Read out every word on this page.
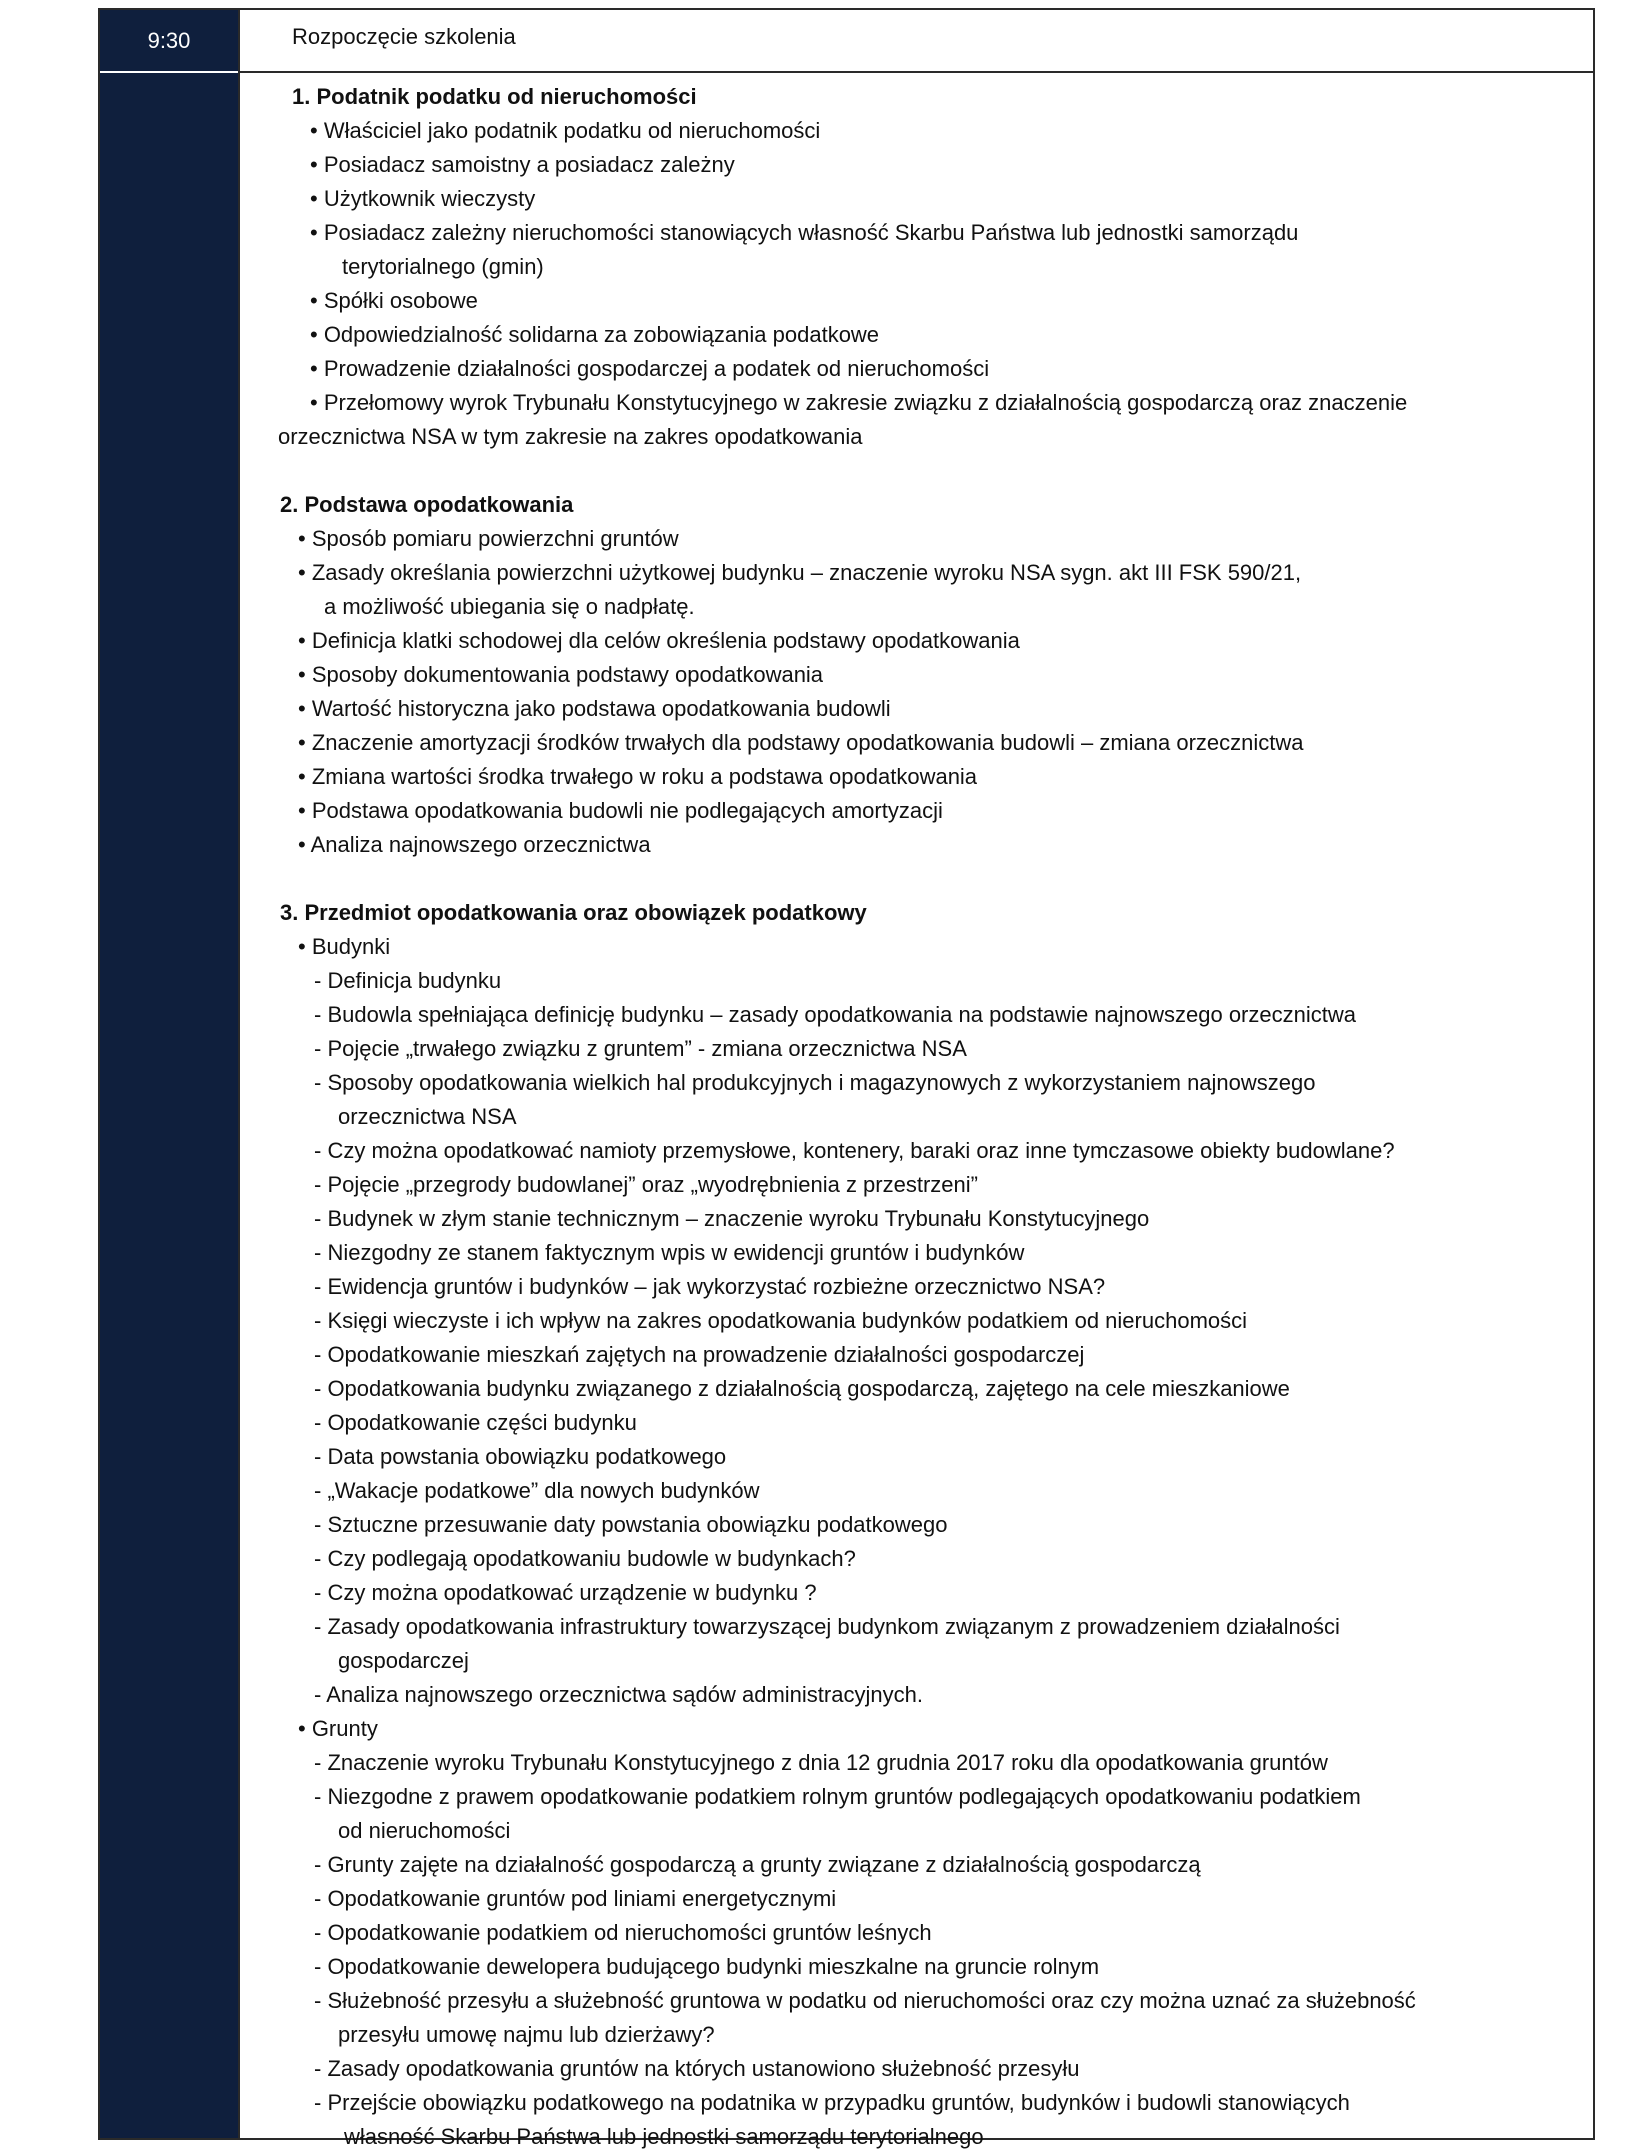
9:30	Rozpoczęcie szkolenia
1. Podatnik podatku od nieruchomości
• Właściciel jako podatnik podatku od nieruchomości
• Posiadacz samoistny a posiadacz zależny
• Użytkownik wieczysty
• Posiadacz zależny nieruchomości stanowiących własność Skarbu Państwa lub jednostki samorządu
terytorialnego (gmin)
• Spółki osobowe
• Odpowiedzialność solidarna za zobowiązania podatkowe
• Prowadzenie działalności gospodarczej a podatek od nieruchomości
• Przełomowy wyrok Trybunału Konstytucyjnego w zakresie związku z działalnością gospodarczą oraz znaczenie
orzecznictwa NSA w tym zakresie na zakres opodatkowania
2. Podstawa opodatkowania
• Sposób pomiaru powierzchni gruntów
• Zasady określania powierzchni użytkowej budynku – znaczenie wyroku NSA sygn. akt III FSK 590/21,
a możliwość ubiegania się o nadpłatę.
• Definicja klatki schodowej dla celów określenia podstawy opodatkowania
• Sposoby dokumentowania podstawy opodatkowania
• Wartość historyczna jako podstawa opodatkowania budowli
• Znaczenie amortyzacji środków trwałych dla podstawy opodatkowania budowli – zmiana orzecznictwa
• Zmiana wartości środka trwałego w roku a podstawa opodatkowania
• Podstawa opodatkowania budowli nie podlegających amortyzacji
• Analiza najnowszego orzecznictwa
3. Przedmiot opodatkowania oraz obowiązek podatkowy
• Budynki
- Definicja budynku
- Budowla spełniająca definicję budynku – zasady opodatkowania na podstawie najnowszego orzecznictwa
- Pojęcie „trwałego związku z gruntem” - zmiana orzecznictwa NSA
- Sposoby opodatkowania wielkich hal produkcyjnych i magazynowych z wykorzystaniem najnowszego
orzecznictwa NSA
- Czy można opodatkować namioty przemysłowe, kontenery, baraki oraz inne tymczasowe obiekty budowlane?
- Pojęcie „przegrody budowlanej” oraz „wyodrębnienia z przestrzeni”
- Budynek w złym stanie technicznym – znaczenie wyroku Trybunału Konstytucyjnego
- Niezgodny ze stanem faktycznym wpis w ewidencji gruntów i budynków
- Ewidencja gruntów i budynków – jak wykorzystać rozbieżne orzecznictwo NSA?
- Księgi wieczyste i ich wpływ na zakres opodatkowania budynków podatkiem od nieruchomości
- Opodatkowanie mieszkań zajętych na prowadzenie działalności gospodarczej
- Opodatkowania budynku związanego z działalnością gospodarczą, zajętego na cele mieszkaniowe
- Opodatkowanie części budynku
- Data powstania obowiązku podatkowego
- „Wakacje podatkowe” dla nowych budynków
- Sztuczne przesuwanie daty powstania obowiązku podatkowego
- Czy podlegają opodatkowaniu budowle w budynkach?
- Czy można opodatkować urządzenie w budynku ?
- Zasady opodatkowania infrastruktury towarzyszącej budynkom związanym z prowadzeniem działalności
gospodarczej
- Analiza najnowszego orzecznictwa sądów administracyjnych.
• Grunty
- Znaczenie wyroku Trybunału Konstytucyjnego z dnia 12 grudnia 2017 roku dla opodatkowania gruntów
- Niezgodne z prawem opodatkowanie podatkiem rolnym gruntów podlegających opodatkowaniu podatkiem
od nieruchomości
- Grunty zajęte na działalność gospodarczą a grunty związane z działalnością gospodarczą
- Opodatkowanie gruntów pod liniami energetycznymi
- Opodatkowanie podatkiem od nieruchomości gruntów leśnych
- Opodatkowanie dewelopera budującego budynki mieszkalne na gruncie rolnym
- Służebność przesyłu a służebność gruntowa w podatku od nieruchomości oraz czy można uznać za służebność
przesyłu umowę najmu lub dzierżawy?
- Zasady opodatkowania gruntów na których ustanowiono służebność przesyłu
- Przejście obowiązku podatkowego na podatnika w przypadku gruntów, budynków i budowli stanowiących
własność Skarbu Państwa lub jednostki samorządu terytorialnego
